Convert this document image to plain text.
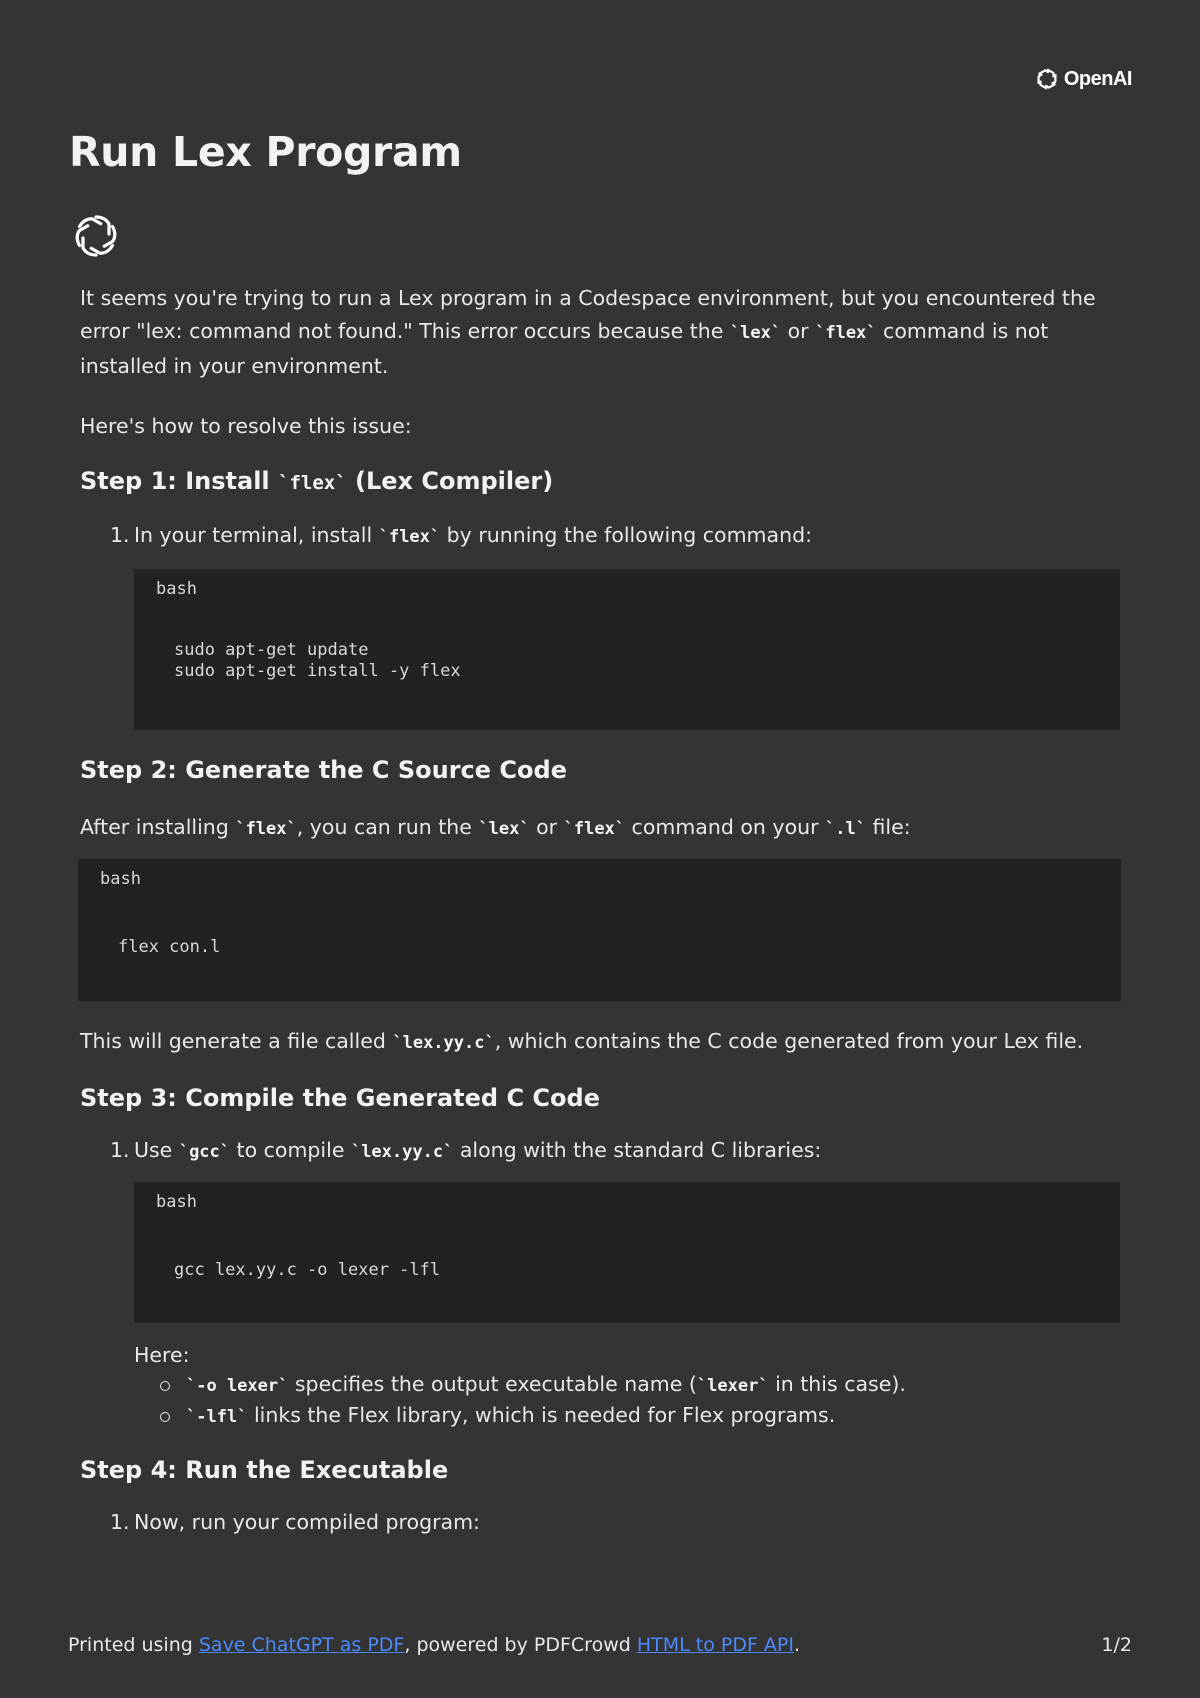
OpenAI
Run Lex Program

It seems you're trying to run a Lex program in a Codespace environment, but you encountered the error "lex: command not found." This error occurs because the `lex` or `flex` command is not installed in your environment.

Here's how to resolve this issue:

Step 1: Install `flex` (Lex Compiler)
1. In your terminal, install `flex` by running the following command:
bash
sudo apt-get update
sudo apt-get install -y flex
Step 2: Generate the C Source Code

After installing `flex`, you can run the `lex` or `flex` command on your `.l` file:

bash
flex con.l

This will generate a file called `lex.yy.c`, which contains the C code generated from your Lex file.

Step 3: Compile the Generated C Code
1. Use `gcc` to compile `lex.yy.c` along with the standard C libraries:
bash
gcc lex.yy.c -o lexer -lfl

Here:

`-o lexer` specifies the output executable name (`lexer` in this case).
`-lfl` links the Flex library, which is needed for Flex programs.
Step 4: Run the Executable
1. Now, run your compiled program:
Printed using Save ChatGPT as PDF, powered by PDFCrowd HTML to PDF API.	1/2
